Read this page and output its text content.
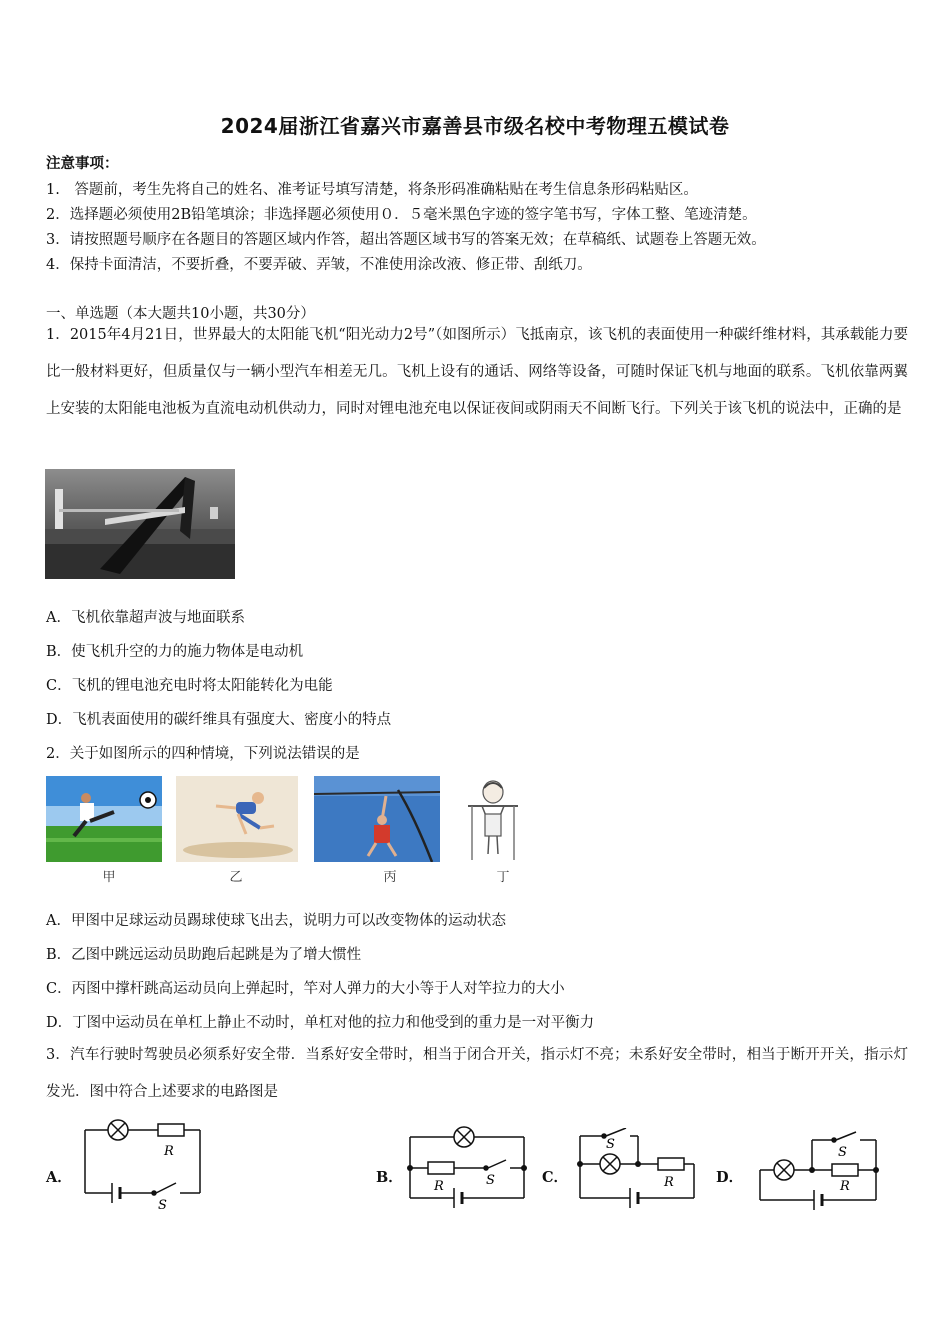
2024届浙江省嘉兴市嘉善县市级名校中考物理五模试卷
注意事项：
1.　答题前，考生先将自己的姓名、准考证号填写清楚，将条形码准确粘贴在考生信息条形码粘贴区。
2．选择题必须使用2B铅笔填涂；非选择题必须使用０．５毫米黑色字迹的签字笔书写，字体工整、笔迹清楚。
3．请按照题号顺序在各题目的答题区域内作答，超出答题区域书写的答案无效；在草稿纸、试题卷上答题无效。
4．保持卡面清洁，不要折叠，不要弄破、弄皱，不准使用涂改液、修正带、刮纸刀。
一、单选题（本大题共10小题，共30分）
1．2015年4月21日，世界最大的太阳能飞机“阳光动力2号”（如图所示）飞抵南京，该飞机的表面使用一种碳纤维材料，其承载能力要比一般材料更好，但质量仅与一辆小型汽车相差无几。飞机上设有的通话、网络等设备，可随时保证飞机与地面的联系。飞机依靠两翼上安装的太阳能电池板为直流电动机供动力，同时对锂电池充电以保证夜间或阴雨天不间断飞行。下列关于该飞机的说法中，正确的是
A．飞机依靠超声波与地面联系
B．使飞机升空的力的施力物体是电动机
C．飞机的锂电池充电时将太阳能转化为电能
D．飞机表面使用的碳纤维具有强度大、密度小的特点
2．关于如图所示的四种情境，下列说法错误的是
甲	乙	丙	丁
A．甲图中足球运动员踢球使球飞出去，说明力可以改变物体的运动状态
B．乙图中跳远运动员助跑后起跳是为了增大惯性
C．丙图中撑杆跳高运动员向上弹起时，竿对人弹力的大小等于人对竿拉力的大小
D．丁图中运动员在单杠上静止不动时，单杠对他的拉力和他受到的重力是一对平衡力
3．汽车行驶时驾驶员必须系好安全带．当系好安全带时，相当于闭合开关，指示灯不亮；未系好安全带时，相当于断开开关，指示灯发光．图中符合上述要求的电路图是
A．
R
S
B．
R	S	C．
S
R	D．
S
R
